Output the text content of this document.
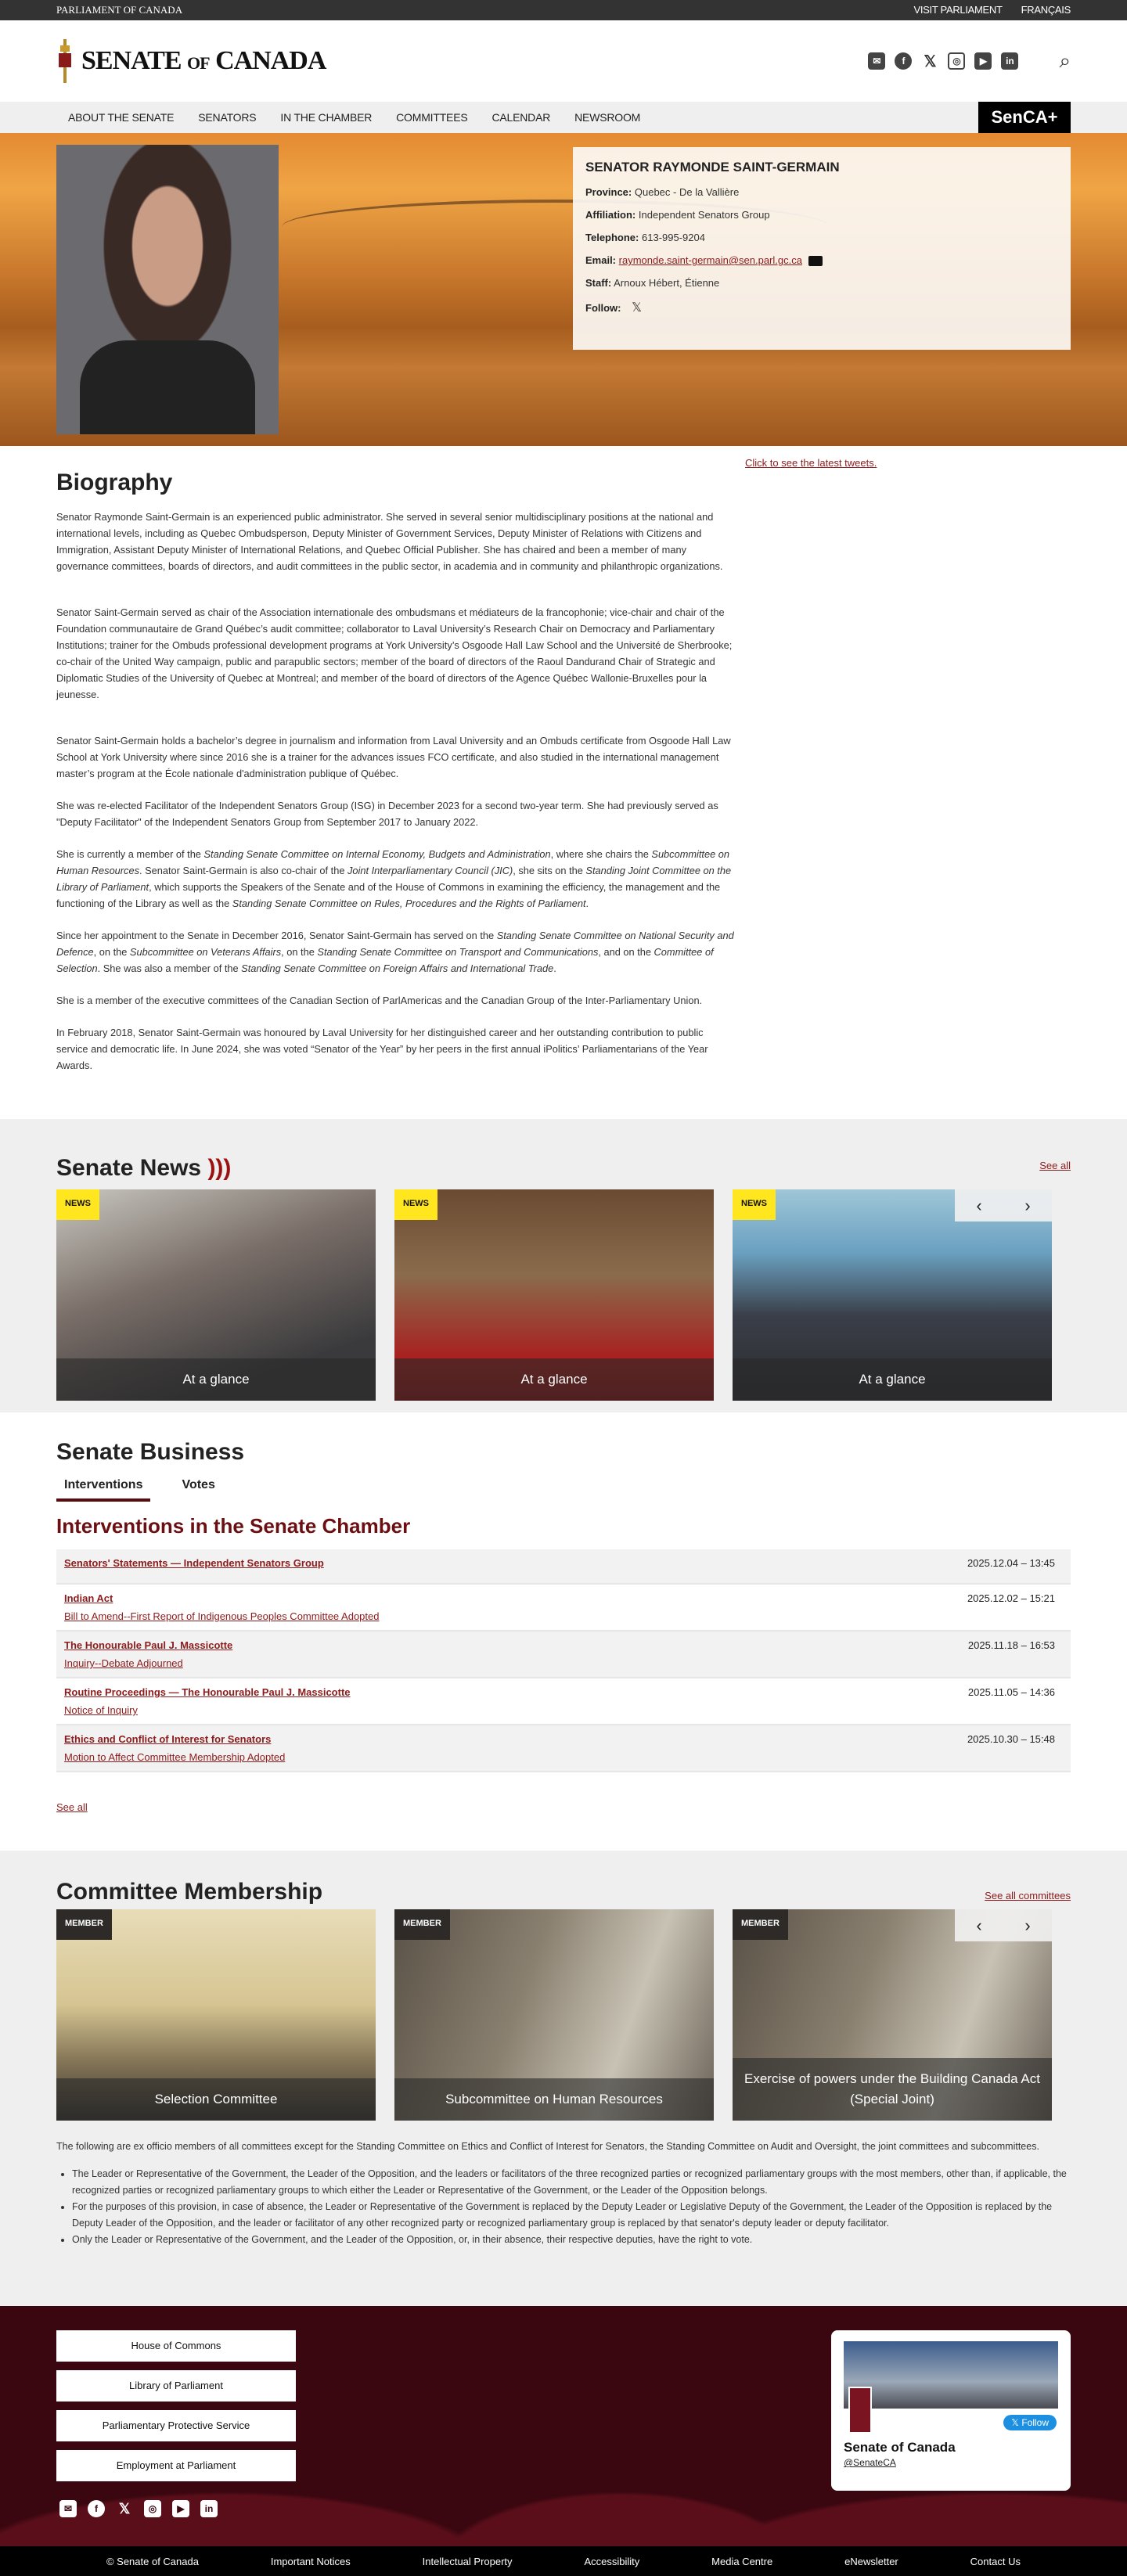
PARLIAMENT OF CANADA	VISIT PARLIAMENT FRANÇAIS
SENATE OF CANADA	✉	f	𝕏	◎	▶	in ⌕
ABOUT THE SENATE SENATORS IN THE CHAMBER COMMITTEES CALENDAR NEWSROOM	SenCA+
SENATOR RAYMONDE SAINT-GERMAIN

Province: Quebec - De la Vallière

Affiliation: Independent Senators Group

Telephone: 613-995-9204

Email: raymonde.saint-germain@sen.parl.gc.ca

Staff: Arnoux Hébert, Étienne

Follow: 𝕏

Click to see the latest tweets.
Biography

Senator Raymonde Saint-Germain is an experienced public administrator. She served in several senior multidisciplinary positions at the national and international levels, including as Quebec Ombudsperson, Deputy Minister of Government Services, Deputy Minister of Relations with Citizens and Immigration, Assistant Deputy Minister of International Relations, and Quebec Official Publisher. She has chaired and been a member of many governance committees, boards of directors, and audit committees in the public sector, in academia and in community and philanthropic organizations.

Senator Saint-Germain served as chair of the Association internationale des ombudsmans et médiateurs de la francophonie; vice-chair and chair of the Foundation communautaire de Grand Québec’s audit committee; collaborator to Laval University’s Research Chair on Democracy and Parliamentary Institutions; trainer for the Ombuds professional development programs at York University’s Osgoode Hall Law School and the Université de Sherbrooke; co-chair of the United Way campaign, public and parapublic sectors; member of the board of directors of the Raoul Dandurand Chair of Strategic and Diplomatic Studies of the University of Quebec at Montreal; and member of the board of directors of the Agence Québec Wallonie-Bruxelles pour la jeunesse.

Senator Saint-Germain holds a bachelor’s degree in journalism and information from Laval University and an Ombuds certificate from Osgoode Hall Law School at York University where since 2016 she is a trainer for the advances issues FCO certificate, and also studied in the international management master’s program at the École nationale d'administration publique of Québec.

She was re-elected Facilitator of the Independent Senators Group (ISG) in December 2023 for a second two-year term. She had previously served as "Deputy Facilitator" of the Independent Senators Group from September 2017 to January 2022.

She is currently a member of the Standing Senate Committee on Internal Economy, Budgets and Administration, where she chairs the Subcommittee on Human Resources. Senator Saint-Germain is also co-chair of the Joint Interparliamentary Council (JIC), she sits on the Standing Joint Committee on the Library of Parliament, which supports the Speakers of the Senate and of the House of Commons in examining the efficiency, the management and the functioning of the Library as well as the Standing Senate Committee on Rules, Procedures and the Rights of Parliament.

Since her appointment to the Senate in December 2016, Senator Saint-Germain has served on the Standing Senate Committee on National Security and Defence, on the Subcommittee on Veterans Affairs, on the Standing Senate Committee on Transport and Communications, and on the Committee of Selection. She was also a member of the Standing Senate Committee on Foreign Affairs and International Trade.

She is a member of the executive committees of the Canadian Section of ParlAmericas and the Canadian Group of the Inter-Parliamentary Union.

In February 2018, Senator Saint-Germain was honoured by Laval University for her distinguished career and her outstanding contribution to public service and democratic life. In June 2024, she was voted “Senator of the Year” by her peers in the first annual iPolitics’ Parliamentarians of the Year Awards.

Senate News )))	See all
NEWS
At a glance
NEWS
At a glance
NEWS	‹ ›
At a glance
Senate Business
Interventions	Votes
Interventions in the Senate Chamber
Senators' Statements — Independent Senators Group	2025.12.04 – 13:45
Indian Act
Bill to Amend--First Report of Indigenous Peoples Committee Adopted
2025.12.02 – 15:21
The Honourable Paul J. Massicotte
Inquiry--Debate Adjourned
2025.11.18 – 16:53
Routine Proceedings — The Honourable Paul J. Massicotte
Notice of Inquiry
2025.11.05 – 14:36
Ethics and Conflict of Interest for Senators
Motion to Affect Committee Membership Adopted
2025.10.30 – 15:48
See all
Committee Membership	See all committees
MEMBER
Selection Committee
MEMBER
Subcommittee on Human Resources
MEMBER	‹ ›
Exercise of powers under the Building Canada Act (Special Joint)

The following are ex officio members of all committees except for the Standing Committee on Ethics and Conflict of Interest for Senators, the Standing Committee on Audit and Oversight, the joint committees and subcommittees.

• The Leader or Representative of the Government, the Leader of the Opposition, and the leaders or facilitators of the three recognized parties or recognized parliamentary groups with the most members, other than, if applicable, the recognized parties or recognized parliamentary groups to which either the Leader or Representative of the Government, or the Leader of the Opposition belongs.
• For the purposes of this provision, in case of absence, the Leader or Representative of the Government is replaced by the Deputy Leader or Legislative Deputy of the Government, the Leader of the Opposition is replaced by the Deputy Leader of the Opposition, and the leader or facilitator of any other recognized party or recognized parliamentary group is replaced by that senator's deputy leader or deputy facilitator.
• Only the Leader or Representative of the Government, and the Leader of the Opposition, or, in their absence, their respective deputies, have the right to vote.
House of Commons
Library of Parliament
Parliamentary Protective Service
Employment at Parliament
✉	f	𝕏	◎	▶	in
𝕏 Follow
Senate of Canada
@SenateCA
© Senate of Canada	Important Notices	Intellectual Property	Accessibility	Media Centre	eNewsletter	Contact Us
